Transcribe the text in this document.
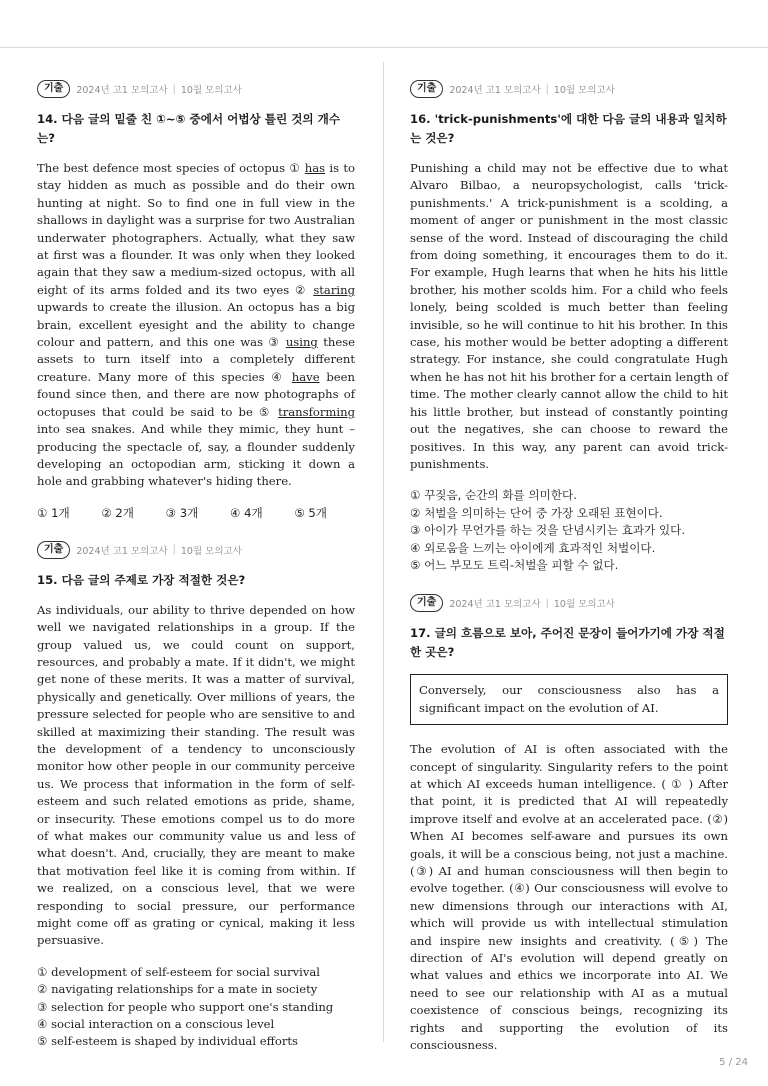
기출	2024년 고1 모의고사 | 10월 모의고사

14. 다음 글의 밑줄 친 ①~⑤ 중에서 어법상 틀린 것의 개수는?

The best defence most species of octopus ① has is to stay hidden as much as possible and do their own hunting at night. So to find one in full view in the shallows in daylight was a surprise for two Australian underwater photographers. Actually, what they saw at first was a flounder. It was only when they looked again that they saw a medium-sized octopus, with all eight of its arms folded and its two eyes ② staring upwards to create the illusion. An octopus has a big brain, excellent eyesight and the ability to change colour and pattern, and this one was ③ using these assets to turn itself into a completely different creature. Many more of this species ④ have been found since then, and there are now photographs of octopuses that could be said to be ⑤ transforming into sea snakes. And while they mimic, they hunt – producing the spectacle of, say, a flounder suddenly developing an octopodian arm, sticking it down a hole and grabbing whatever's hiding there.

① 1개	② 2개	③ 3개	④ 4개	⑤ 5개
기출	2024년 고1 모의고사 | 10월 모의고사

15. 다음 글의 주제로 가장 적절한 것은?

As individuals, our ability to thrive depended on how well we navigated relationships in a group. If the group valued us, we could count on support, resources, and probably a mate. If it didn't, we might get none of these merits. It was a matter of survival, physically and genetically. Over millions of years, the pressure selected for people who are sensitive to and skilled at maximizing their standing. The result was the development of a tendency to unconsciously monitor how other people in our community perceive us. We process that information in the form of self-esteem and such related emotions as pride, shame, or insecurity. These emotions compel us to do more of what makes our community value us and less of what doesn't. And, crucially, they are meant to make that motivation feel like it is coming from within. If we realized, on a conscious level, that we were responding to social pressure, our performance might come off as grating or cynical, making it less persuasive.

① development of self-esteem for social survival
② navigating relationships for a mate in society
③ selection for people who support one's standing
④ social interaction on a conscious level
⑤ self-esteem is shaped by individual efforts
기출	2024년 고1 모의고사 | 10월 모의고사

16. 'trick-punishments'에 대한 다음 글의 내용과 일치하는 것은?

Punishing a child may not be effective due to what Alvaro Bilbao, a neuropsychologist, calls 'trick-punishments.' A trick-punishment is a scolding, a moment of anger or punishment in the most classic sense of the word. Instead of discouraging the child from doing something, it encourages them to do it. For example, Hugh learns that when he hits his little brother, his mother scolds him. For a child who feels lonely, being scolded is much better than feeling invisible, so he will continue to hit his brother. In this case, his mother would be better adopting a different strategy. For instance, she could congratulate Hugh when he has not hit his brother for a certain length of time. The mother clearly cannot allow the child to hit his little brother, but instead of constantly pointing out the negatives, she can choose to reward the positives. In this way, any parent can avoid trick-punishments.

① 꾸짖음, 순간의 화를 의미한다.
② 처벌을 의미하는 단어 중 가장 오래된 표현이다.
③ 아이가 무언가를 하는 것을 단념시키는 효과가 있다.
④ 외로움을 느끼는 아이에게 효과적인 처벌이다.
⑤ 어느 부모도 트릭-처벌을 피할 수 없다.
기출	2024년 고1 모의고사 | 10월 모의고사

17. 글의 흐름으로 보아, 주어진 문장이 들어가기에 가장 적절한 곳은?

Conversely, our consciousness also has a significant impact on the evolution of AI.

The evolution of AI is often associated with the concept of singularity. Singularity refers to the point at which AI exceeds human intelligence. ( ① ) After that point, it is predicted that AI will repeatedly improve itself and evolve at an accelerated pace. (②) When AI becomes self-aware and pursues its own goals, it will be a conscious being, not just a machine. (③) AI and human consciousness will then begin to evolve together. (④) Our consciousness will evolve to new dimensions through our interactions with AI, which will provide us with intellectual stimulation and inspire new insights and creativity. (⑤) The direction of AI's evolution will depend greatly on what values and ethics we incorporate into AI. We need to see our relationship with AI as a mutual coexistence of conscious beings, recognizing its rights and supporting the evolution of its consciousness.

5 / 24
